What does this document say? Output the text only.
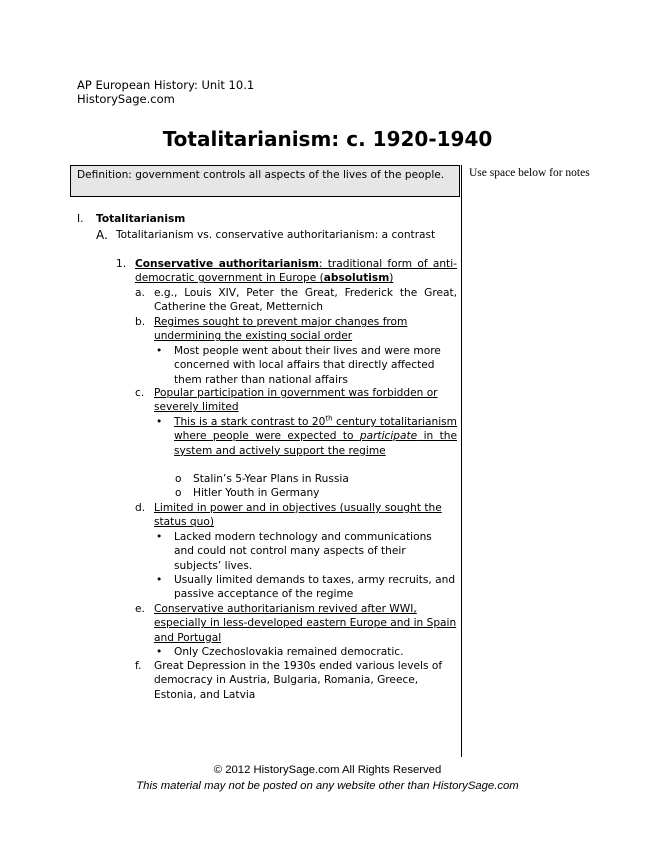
AP European History: Unit 10.1
HistorySage.com
Totalitarianism: c. 1920-1940
Definition: government controls all aspects of the lives of the people.	Use space below for notes
I. Totalitarianism
A. Totalitarianism vs. conservative authoritarianism: a contrast
1. Conservative authoritarianism: traditional form of anti-democratic government in Europe (absolutism)
a. e.g., Louis XIV, Peter the Great, Frederick the Great, Catherine the Great, Metternich
b. Regimes sought to prevent major changes from undermining the existing social order
• Most people went about their lives and were more concerned with local affairs that directly affected them rather than national affairs
c. Popular participation in government was forbidden or severely limited
• This is a stark contrast to 20th century totalitarianism where people were expected to participate in the system and actively support the regime
o Stalin’s 5-Year Plans in Russia
o Hitler Youth in Germany
d. Limited in power and in objectives (usually sought the status quo)
• Lacked modern technology and communications and could not control many aspects of their subjects’ lives.
• Usually limited demands to taxes, army recruits, and passive acceptance of the regime
e. Conservative authoritarianism revived after WWI, especially in less-developed eastern Europe and in Spain and Portugal
• Only Czechoslovakia remained democratic.
f. Great Depression in the 1930s ended various levels of democracy in Austria, Bulgaria, Romania, Greece, Estonia, and Latvia
© 2012 HistorySage.com All Rights Reserved
This material may not be posted on any website other than HistorySage.com
